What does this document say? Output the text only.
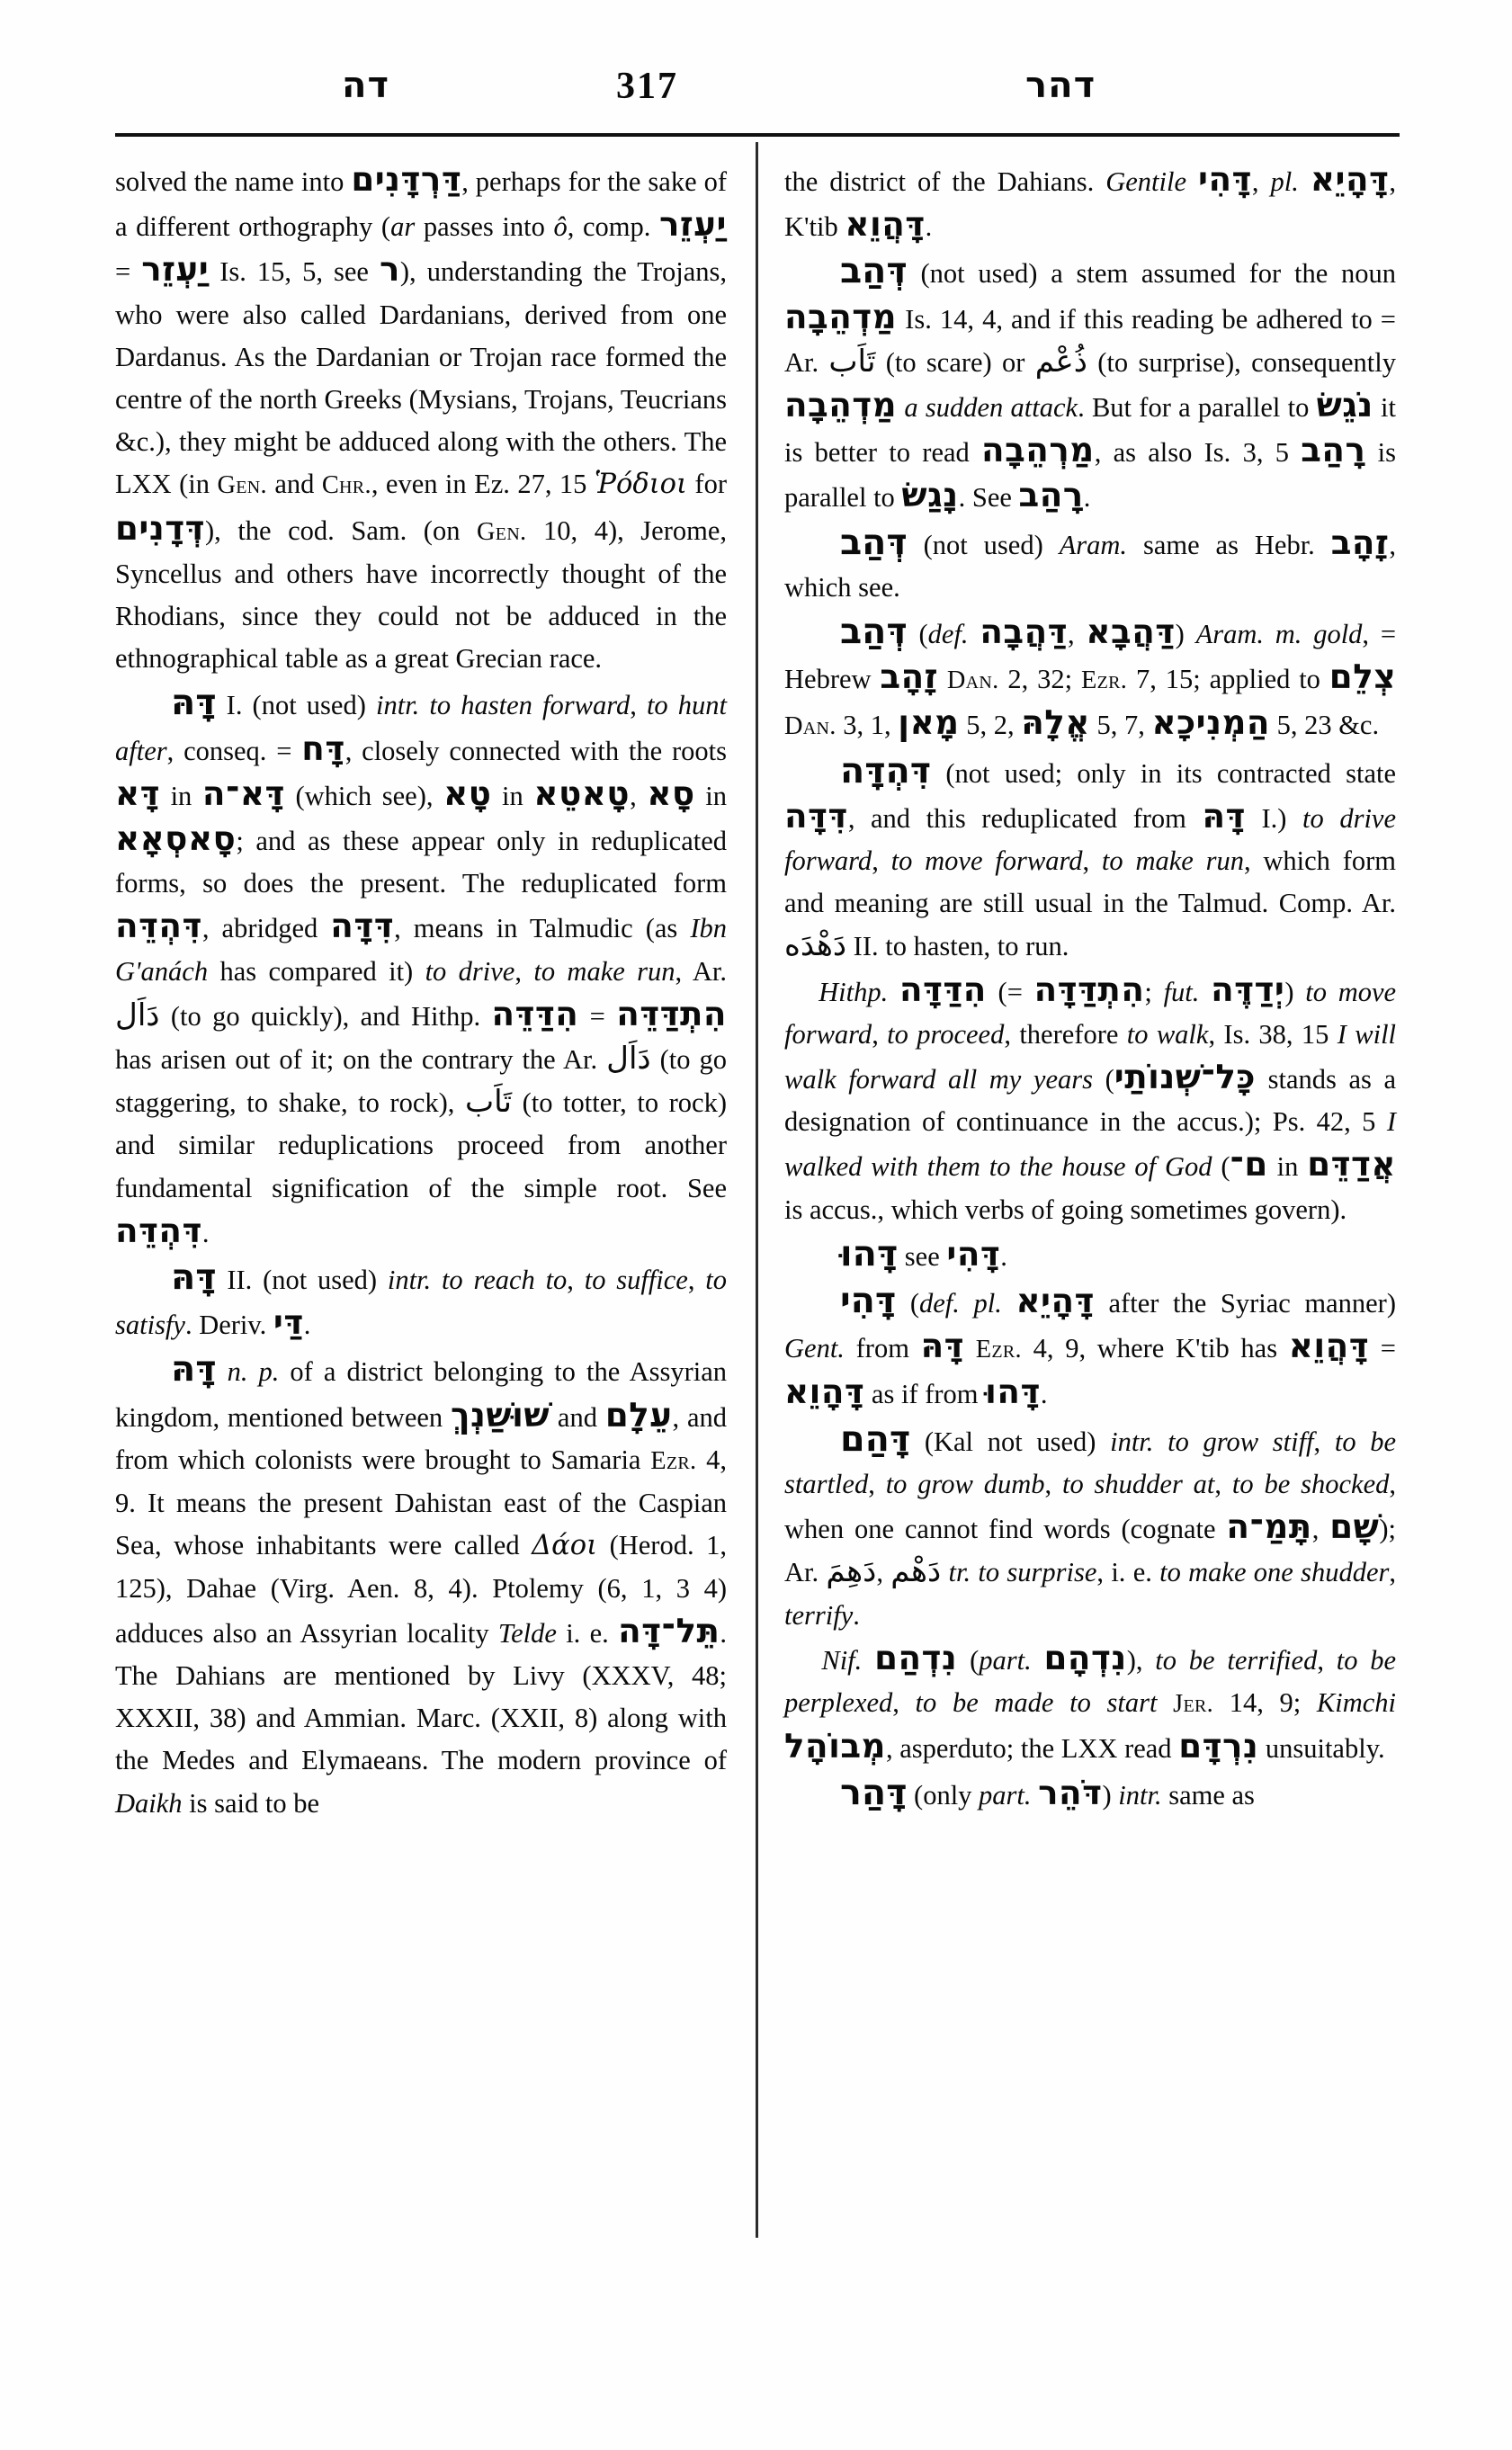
דה	317	דהר

solved the name into דַּרְדָּנִים, perhaps for the sake of a different orthography (ar passes into ô, comp. יַעְזֵר = יַעְזֵר Is. 15, 5, see ר), understanding the Trojans, who were also called Dardanians, derived from one Dardanus. As the Dardanian or Trojan race formed the centre of the north Greeks (Mysians, Trojans, Teucrians &c.), they might be adduced along with the others. The LXX (in Gen. and Chr., even in Ez. 27, 15 Ῥόδιοι for דְּדָנִים), the cod. Sam. (on Gen. 10, 4), Jerome, Syncellus and others have incorrectly thought of the Rhodians, since they could not be adduced in the ethnographical table as a great Grecian race.

דָּהּ I. (not used) intr. to hasten forward, to hunt after, conseq. = דָּח, closely connected with the roots דָּא in דָּא־ה (which see), טָא in טָאטֵא, סָא in סָאסְאָא; and as these appear only in reduplicated forms, so does the present. The reduplicated form דִּהְדֵּה, abridged דִּדָּה, means in Talmudic (as Ibn G'anách has compared it) to drive, to make run, Ar. دَاَل (to go quickly), and Hithp. הִדַּדֵּה = הִתְדַּדֵּה has arisen out of it; on the contrary the Ar. دَاَل (to go staggering, to shake, to rock), تَاَب (to totter, to rock) and similar reduplications proceed from another fundamental signification of the simple root. See דִּהְדֵּה.

דָּהּ II. (not used) intr. to reach to, to suffice, to satisfy. Deriv. דַּי.

דָּהּ n. p. of a district belonging to the Assyrian kingdom, mentioned between שׁוּשַׁנְךְ and עֵלָם, and from which colonists were brought to Samaria Ezr. 4, 9. It means the present Dahistan east of the Caspian Sea, whose inhabitants were called Δάοι (Herod. 1, 125), Dahae (Virg. Aen. 8, 4). Ptolemy (6, 1, 3 4) adduces also an Assyrian locality Telde i. e. תֵּל־דָּה. The Dahians are mentioned by Livy (XXXV, 48; XXXII, 38) and Ammian. Marc. (XXII, 8) along with the Medes and Elymaeans. The modern province of Daikh is said to be

the district of the Dahians. Gentile דָּהִי, pl. דָּהָיֵא, K'tib דָּהֲוֵא.

דְּהַב (not used) a stem assumed for the noun מַדְהֵבָה Is. 14, 4, and if this reading be adhered to = Ar. تَاَب (to scare) or ذُعْم (to surprise), consequently מַדְהֵבָה a sudden attack. But for a parallel to נֹגֵשׂ it is better to read מַרְהֵבָה, as also Is. 3, 5 רָהַב is parallel to נָגַשׂ. See רָהַב.

דְּהַב (not used) Aram. same as Hebr. זָהָב, which see.

דְּהַב (def. דַּהֲבָה, דַּהֲבָא) Aram. m. gold, = Hebrew זָהָב Dan. 2, 32; Ezr. 7, 15; applied to צְלֵם Dan. 3, 1, מָאן 5, 2, אֱלָהּ 5, 7, הַמְנִיכָא 5, 23 &c.

דִּהְדָּה (not used; only in its contracted state דִּדָּה, and this reduplicated from דָּהּ I.) to drive forward, to move forward, to make run, which form and meaning are still usual in the Talmud. Comp. Ar. دَهْدَه II. to hasten, to run.

Hithp. הִדַּדָּה (= הִתְדַּדָּה; fut. יְדַדֶּה) to move forward, to proceed, therefore to walk, Is. 38, 15 I will walk forward all my years (כָּל־שְׁנוֹתַי stands as a designation of continuance in the accus.); Ps. 42, 5 I walked with them to the house of God (ם־ in אֲדַדֵּם is accus., which verbs of going sometimes govern).

דָּהוּ see דָּהִי.

דָּהִי (def. pl. דָּהָיֵא after the Syriac manner) Gent. from דָּהּ Ezr. 4, 9, where K'tib has דָּהֲוֵא = דָּהָוֵא as if from דָּהוּ.

דָּהַם (Kal not used) intr. to grow stiff, to be startled, to grow dumb, to shudder at, to be shocked, when one cannot find words (cognate תָּמַ־ה, שָׁם); Ar. دَهِمَ, دَهْم tr. to surprise, i. e. to make one shudder, terrify.

Nif. נִדְהַם (part. נִדְהָם), to be terrified, to be perplexed, to be made to start Jer. 14, 9; Kimchi מְבוֹהָל, asperduto; the LXX read נִרְדָּם unsuitably.

דָּהַר (only part. דֹּהֵר) intr. same as
